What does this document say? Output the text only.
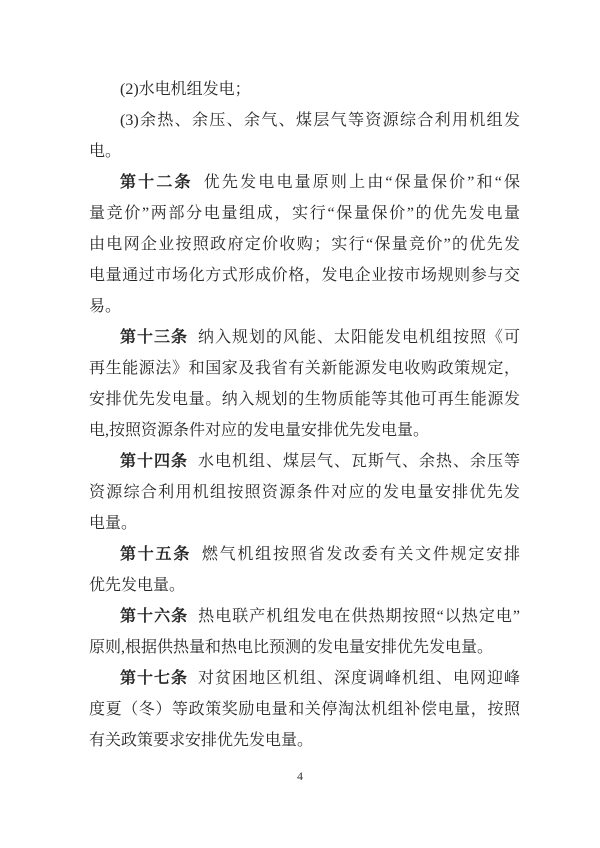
(2)水电机组发电；
(3)余热、余压、余气、煤层气等资源综合利用机组发
电。
第十二条 优先发电电量原则上由“保量保价”和“保
量竞价”两部分电量组成，实行“保量保价”的优先发电量
由电网企业按照政府定价收购；实行“保量竞价”的优先发
电量通过市场化方式形成价格，发电企业按市场规则参与交
易。
第十三条 纳入规划的风能、太阳能发电机组按照《可
再生能源法》和国家及我省有关新能源发电收购政策规定，
安排优先发电量。纳入规划的生物质能等其他可再生能源发
电,按照资源条件对应的发电量安排优先发电量。
第十四条 水电机组、煤层气、瓦斯气、余热、余压等
资源综合利用机组按照资源条件对应的发电量安排优先发
电量。
第十五条 燃气机组按照省发改委有关文件规定安排
优先发电量。
第十六条 热电联产机组发电在供热期按照“以热定电”
原则,根据供热量和热电比预测的发电量安排优先发电量。
第十七条 对贫困地区机组、深度调峰机组、电网迎峰
度夏（冬）等政策奖励电量和关停淘汰机组补偿电量，按照
有关政策要求安排优先发电量。
4
